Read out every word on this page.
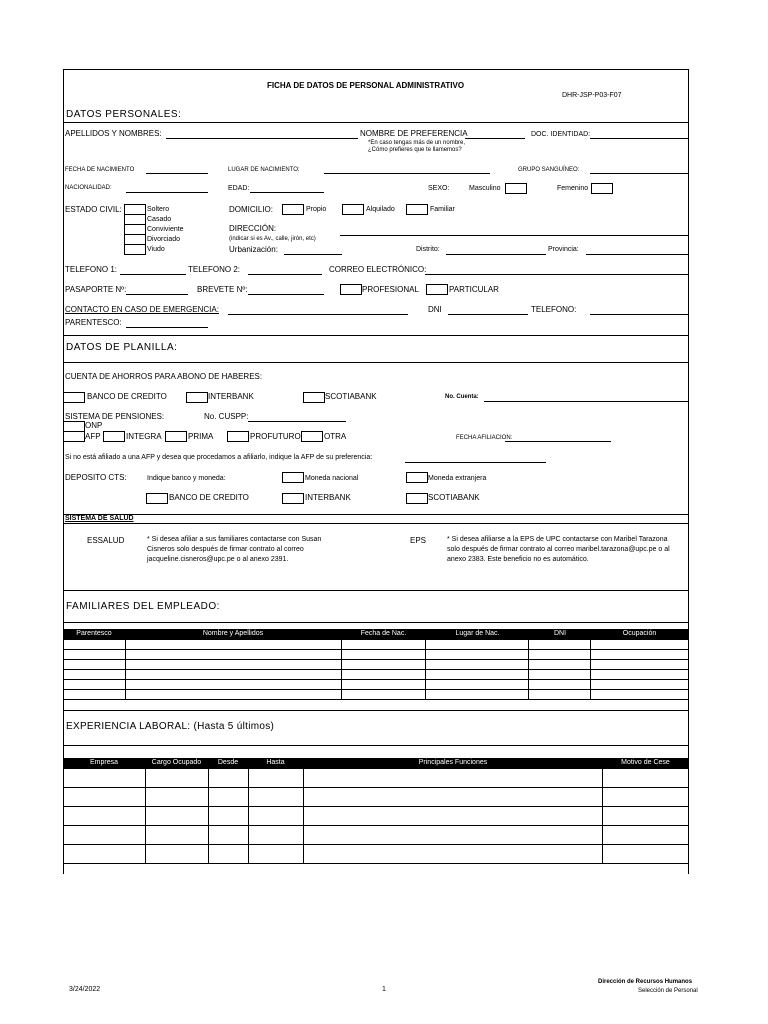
FICHA DE DATOS DE PERSONAL ADMINISTRATIVO
DHR-JSP-P03-F07
DATOS PERSONALES:
APELLIDOS Y NOMBRES:	NOMBRE DE PREFERENCIA
*En caso tengas más de un nombre,
¿Cómo prefieres que te llamemos?
DOC. IDENTIDAD:
FECHA DE NACIMIENTO	LUGAR DE NACIMIENTO:	GRUPO SANGUÍNEO:
NACIONALIDAD:	EDAD:	SEXO:	Masculino	Femenino
ESTADO CIVIL:	Soltero
Casado
Conviviente
Divorciado
Viudo
DOMICILIO:	Propio	Alquilado	Familiar
DIRECCIÓN:
(indicar si es Av., calle, jirón, etc)
Urbanización:	Distrito:	Provincia:
TELEFONO 1:	TELEFONO 2:	CORREO ELECTRÓNICO:
PASAPORTE Nº:	BREVETE Nº:	PROFESIONAL	PARTICULAR
CONTACTO EN CASO DE EMERGENCIA:	DNI	TELEFONO:
PARENTESCO:
DATOS DE PLANILLA:
CUENTA DE AHORROS PARA ABONO DE HABERES:
BANCO DE CREDITO	INTERBANK	SCOTIABANK	No. Cuenta:
SISTEMA DE PENSIONES:	No. CUSPP:
ONP
AFP	INTEGRA	PRIMA	PROFUTURO	OTRA	FECHA AFILIACION:
Si no está afiliado a una AFP y desea que procedamos a afiliarlo, indique la AFP de su preferencia:
DEPOSITO CTS:	Indique banco y moneda:	Moneda nacional	Moneda extranjera
BANCO DE CREDITO	INTERBANK	SCOTIABANK
SISTEMA DE SALUD
ESSALUD	* Si desea afiliar a sus familiares contactarse con Susan Cisneros solo después de firmar contrato al correo jacqueline.cisneros@upc.pe o al anexo 2391.
EPS	* Si desea afiliarse a la EPS de UPC contactarse con Maribel Tarazona solo después de firmar contrato al correo maribel.tarazona@upc.pe o al anexo 2383. Este beneficio no es automático.
FAMILIARES DEL EMPLEADO:
Parentesco	Nombre y Apellidos	Fecha de Nac.	Lugar de Nac.	DNI	Ocupación

EXPERIENCIA LABORAL: (Hasta 5 últimos)
Empresa	Cargo Ocupado	Desde	Hasta	Principales Funciones	Motivo de Cese

3/24/2022	1
Dirección de Recursos Humanos
Selección de Personal
